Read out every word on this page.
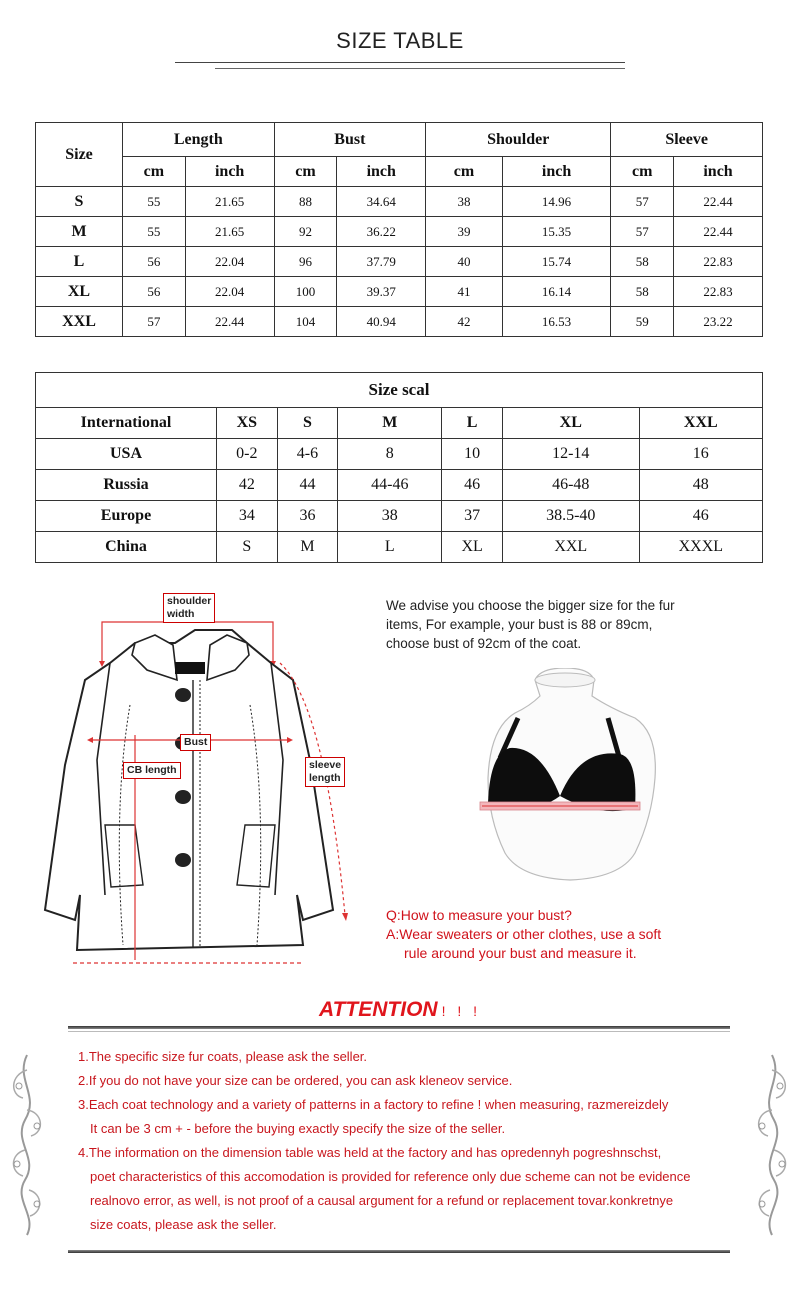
SIZE TABLE
Size	Length		Bust		Shoulder		Sleeve	
	cm	inch	cm	inch	cm	inch	cm	inch
S	55	21.65	88	34.64	38	14.96	57	22.44
M	55	21.65	92	36.22	39	15.35	57	22.44
L	56	22.04	96	37.79	40	15.74	58	22.83
XL	56	22.04	100	39.37	41	16.14	58	22.83
XXL	57	22.44	104	40.94	42	16.53	59	23.22
Size scal						
International	XS	S	M	L	XL	XXL
USA	0-2	4-6	8	10	12-14	16
Russia	42	44	44-46	46	46-48	48
Europe	34	36	38	37	38.5-40	46
China	S	M	L	XL	XXL	XXXL
shoulder
width
Bust
CB length	sleeve
length
We advise you choose the bigger size for the fur
items, For example, your bust is 88 or 89cm,
choose bust of 92cm of the coat.
Q:How to measure your bust?
A:Wear sweaters or other clothes, use a soft
rule around your bust and measure it.
ATTENTION ! ! !
1.The specific size fur coats, please ask the seller.
2.If you do not have your size can be ordered, you can ask kleneov service.
3.Each coat technology and a variety of patterns in a factory to refine ! when measuring, razmereizdely
It can be 3 cm + - before the buying exactly specify the size of the seller.
4.The information on the dimension table was held at the factory and has opredennyh pogreshnschst,
poet characteristics of this accomodation is provided for reference only due scheme can not be evidence
realnovo error, as well, is not proof of a causal argument for a refund or replacement tovar.konkretnye
size coats, please ask the seller.
